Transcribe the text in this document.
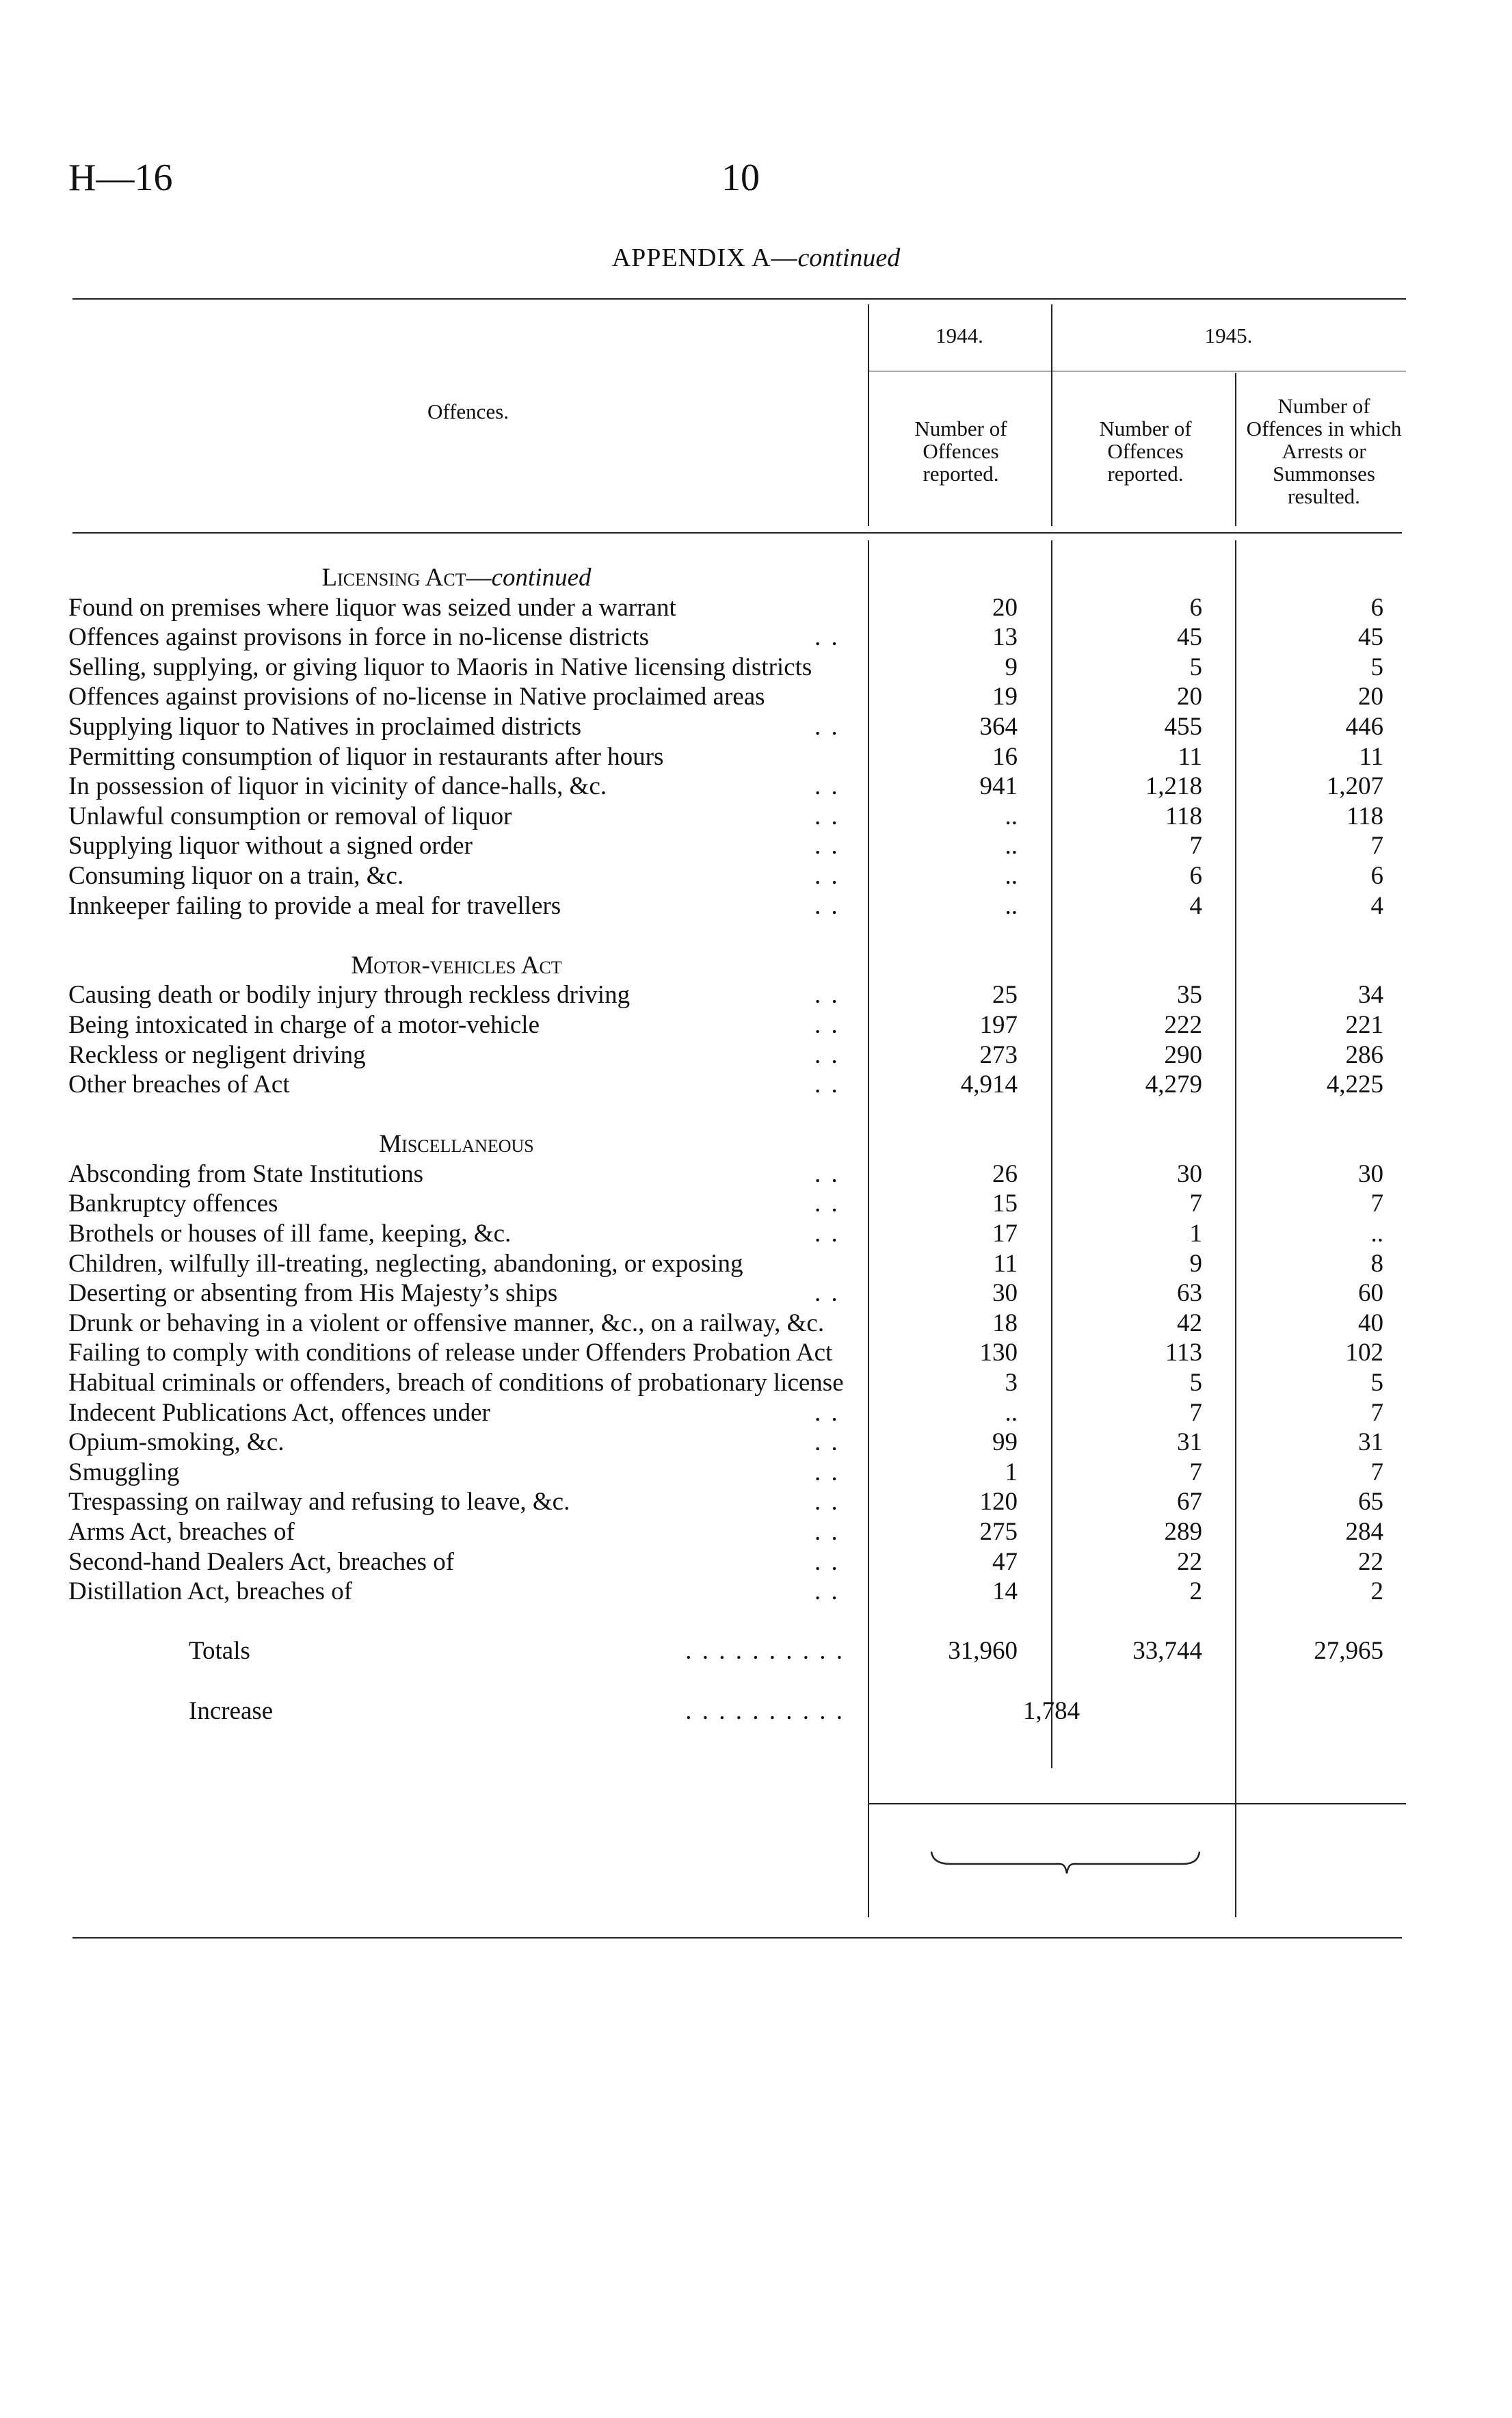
H—16	10
APPENDIX A—continued
Offences.
1944.	1945.
Number of Offences reported.
Number of Offences reported.
Number of Offences in which Arrests or Summonses resulted.
Licensing Act—continued
Found on premises where liquor was seized under a warrant	20	6	6
. .
Offences against provisons in force in no-license districts	13	45	45
Selling, supplying, or giving liquor to Maoris in Native licensing districts	9	5	5
Offences against provisions of no-license in Native proclaimed areas	19	20	20
. .
Supplying liquor to Natives in proclaimed districts	364	455	446
Permitting consumption of liquor in restaurants after hours	16	11	11
. .
In possession of liquor in vicinity of dance-halls, &c.	941	1,218	1,207
. .
Unlawful consumption or removal of liquor	..	118	118
. .
Supplying liquor without a signed order	..	7	7
. .
Consuming liquor on a train, &c.	..	6	6
. .
Innkeeper failing to provide a meal for travellers	..	4	4

Motor-vehicles Act
. .
Causing death or bodily injury through reckless driving	25	35	34
. .
Being intoxicated in charge of a motor-vehicle	197	222	221
. .
Reckless or negligent driving	273	290	286
. .
Other breaches of Act	4,914	4,279	4,225

Miscellaneous
. .
Absconding from State Institutions	26	30	30
. .
Bankruptcy offences	15	7	7
. .
Brothels or houses of ill fame, keeping, &c.	17	1	..
Children, wilfully ill-treating, neglecting, abandoning, or exposing	11	9	8
. .
Deserting or absenting from His Majesty’s ships	30	63	60
Drunk or behaving in a violent or offensive manner, &c., on a railway, &c.	18	42	40
Failing to comply with conditions of release under Offenders Probation Act	130	113	102
Habitual criminals or offenders, breach of conditions of probationary license	3	5	5
. .
Indecent Publications Act, offences under	..	7	7
. .
Opium-smoking, &c.	99	31	31
. .
Smuggling	1	7	7
. .
Trespassing on railway and refusing to leave, &c.	120	67	65
. .
Arms Act, breaches of	275	289	284
. .
Second-hand Dealers Act, breaches of	47	22	22
. .
Distillation Act, breaches of	14	2	2

. . . . . . . . . .
Totals	31,960	33,744	27,965

. . . . . . . . . .
Increase	1,784
